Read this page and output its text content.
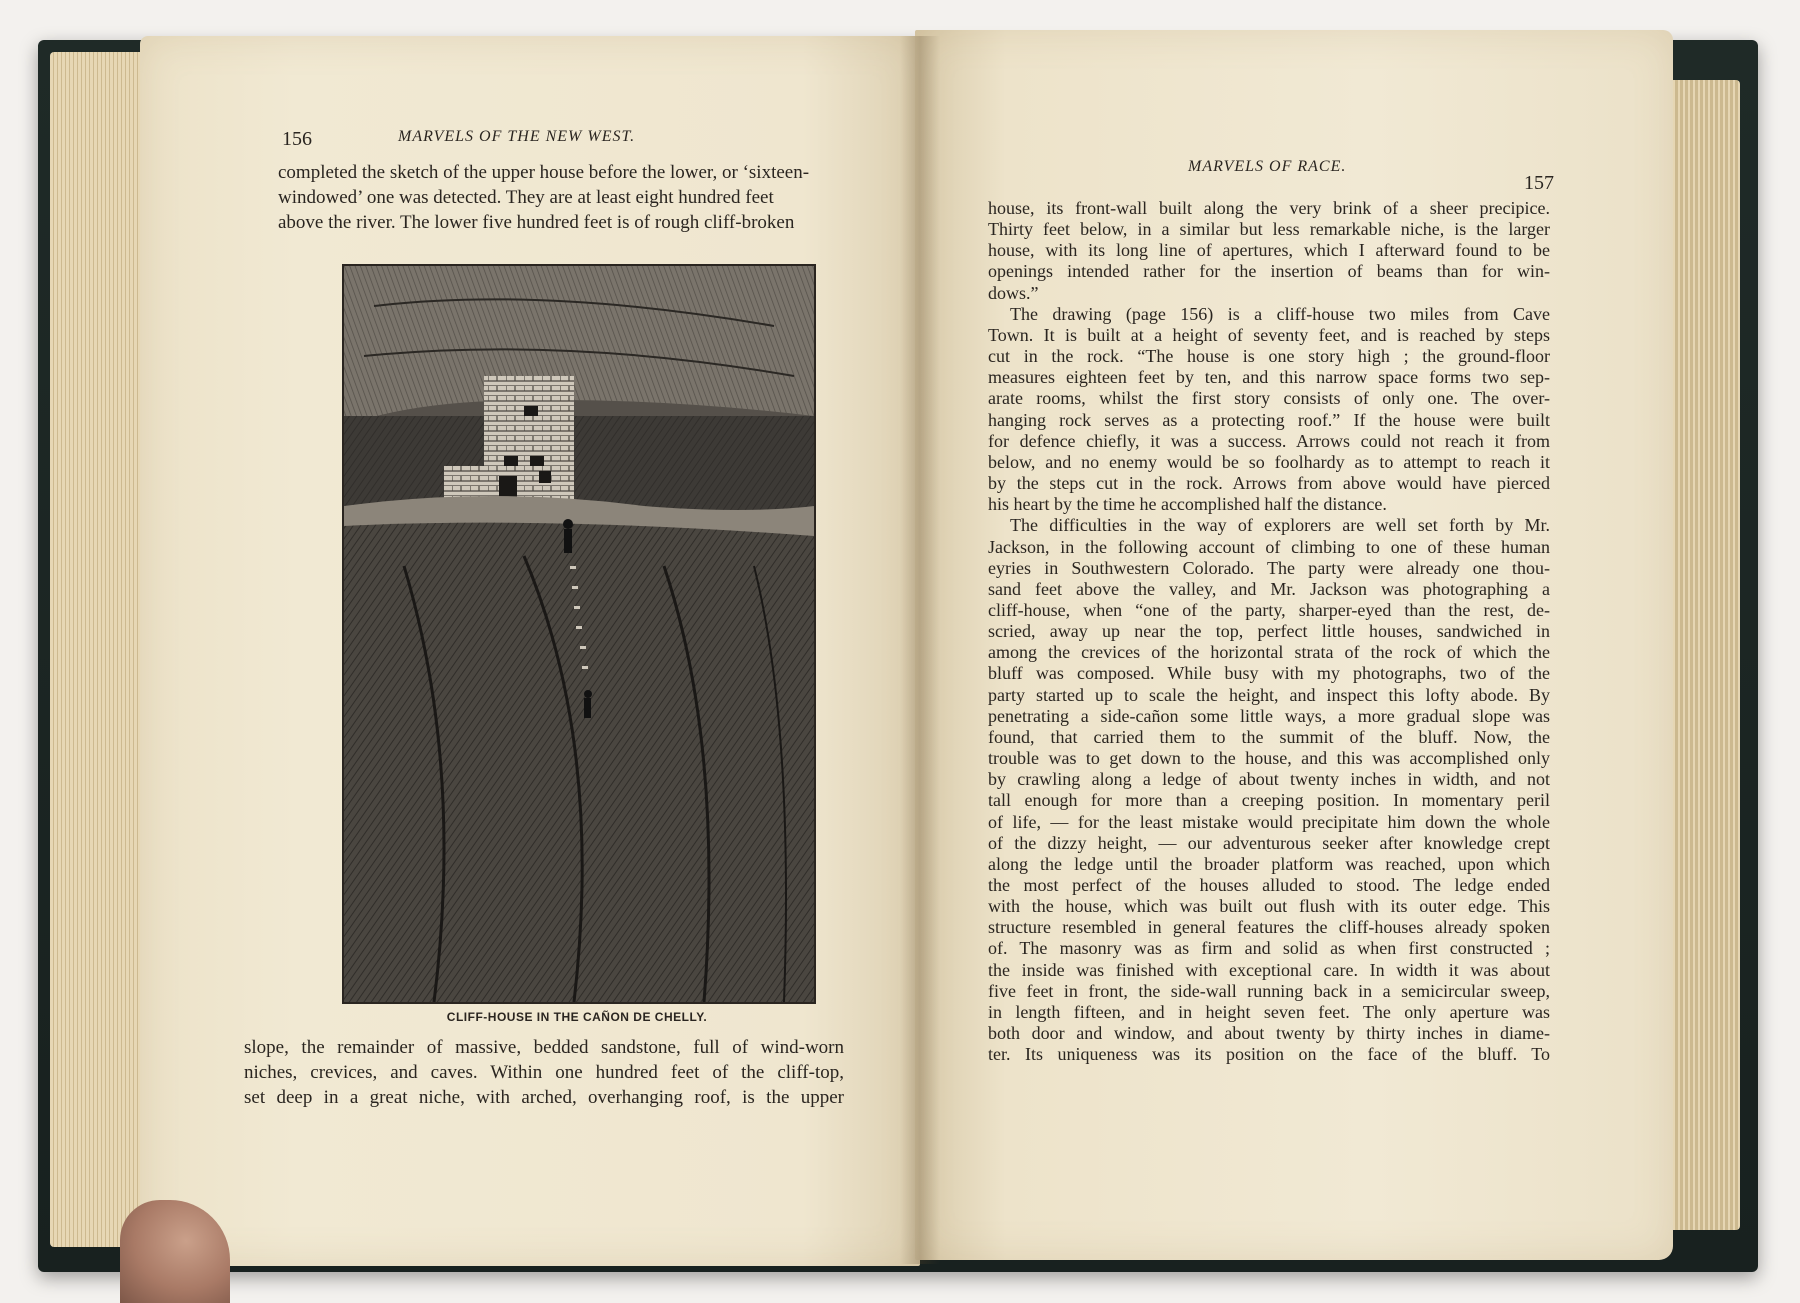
156	MARVELS OF THE NEW WEST.
completed the sketch of the upper house before the lower, or ‘sixteen-
windowed’ one was detected. They are at least eight hundred feet
above the river. The lower five hundred feet is of rough cliff-broken
CLIFF-HOUSE IN THE CAÑON DE CHELLY.
slope, the remainder of massive, bedded sandstone, full of wind-worn
niches, crevices, and caves. Within one hundred feet of the cliff-top,
set deep in a great niche, with arched, overhanging roof, is the upper
MARVELS OF RACE.
157
house, its front-wall built along the very brink of a sheer precipice.
Thirty feet below, in a similar but less remarkable niche, is the larger
house, with its long line of apertures, which I afterward found to be
openings intended rather for the insertion of beams than for win-
dows.”
The drawing (page 156) is a cliff-house two miles from Cave
Town. It is built at a height of seventy feet, and is reached by steps
cut in the rock. “The house is one story high ; the ground-floor
measures eighteen feet by ten, and this narrow space forms two sep-
arate rooms, whilst the first story consists of only one. The over-
hanging rock serves as a protecting roof.” If the house were built
for defence chiefly, it was a success. Arrows could not reach it from
below, and no enemy would be so foolhardy as to attempt to reach it
by the steps cut in the rock. Arrows from above would have pierced
his heart by the time he accomplished half the distance.
The difficulties in the way of explorers are well set forth by Mr.
Jackson, in the following account of climbing to one of these human
eyries in Southwestern Colorado. The party were already one thou-
sand feet above the valley, and Mr. Jackson was photographing a
cliff-house, when “one of the party, sharper-eyed than the rest, de-
scried, away up near the top, perfect little houses, sandwiched in
among the crevices of the horizontal strata of the rock of which the
bluff was composed. While busy with my photographs, two of the
party started up to scale the height, and inspect this lofty abode. By
penetrating a side-cañon some little ways, a more gradual slope was
found, that carried them to the summit of the bluff. Now, the
trouble was to get down to the house, and this was accomplished only
by crawling along a ledge of about twenty inches in width, and not
tall enough for more than a creeping position. In momentary peril
of life, — for the least mistake would precipitate him down the whole
of the dizzy height, — our adventurous seeker after knowledge crept
along the ledge until the broader platform was reached, upon which
the most perfect of the houses alluded to stood. The ledge ended
with the house, which was built out flush with its outer edge. This
structure resembled in general features the cliff-houses already spoken
of. The masonry was as firm and solid as when first constructed ;
the inside was finished with exceptional care. In width it was about
five feet in front, the side-wall running back in a semicircular sweep,
in length fifteen, and in height seven feet. The only aperture was
both door and window, and about twenty by thirty inches in diame-
ter. Its uniqueness was its position on the face of the bluff. To
